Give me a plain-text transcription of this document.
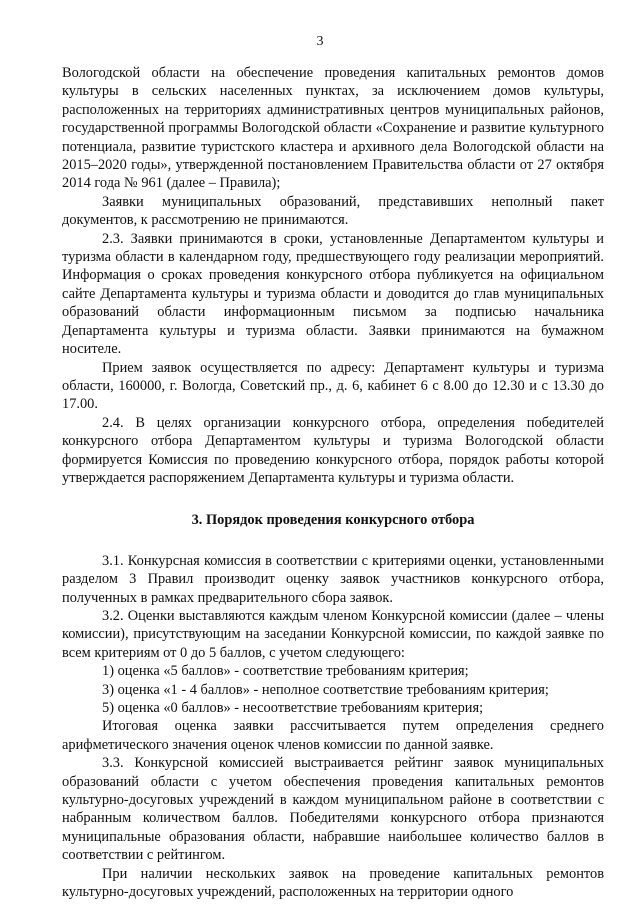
3

Вологодской области на обеспечение проведения капитальных ремонтов домов культуры в сельских населенных пунктах, за исключением домов культуры, расположенных на территориях административных центров муниципальных районов, государственной программы Вологодской области «Сохранение и развитие культурного потенциала, развитие туристского кластера и архивного дела Вологодской области на 2015–2020 годы», утвержденной постановлением Правительства области от 27 октября 2014 года № 961 (далее – Правила);

Заявки муниципальных образований, представивших неполный пакет документов, к рассмотрению не принимаются.

2.3. Заявки принимаются в сроки, установленные Департаментом культуры и туризма области в календарном году, предшествующего году реализации мероприятий. Информация о сроках проведения конкурсного отбора публикуется на официальном сайте Департамента культуры и туризма области и доводится до глав муниципальных образований области информационным письмом за подписью начальника Департамента культуры и туризма области. Заявки принимаются на бумажном носителе.

Прием заявок осуществляется по адресу: Департамент культуры и туризма области, 160000, г. Вологда, Советский пр., д. 6, кабинет 6 с 8.00 до 12.30 и с 13.30 до 17.00.

2.4. В целях организации конкурсного отбора, определения победителей конкурсного отбора Департаментом культуры и туризма Вологодской области формируется Комиссия по проведению конкурсного отбора, порядок работы которой утверждается распоряжением Департамента культуры и туризма области.

3. Порядок проведения конкурсного отбора

3.1. Конкурсная комиссия в соответствии с критериями оценки, установленными разделом 3 Правил производит оценку заявок участников конкурсного отбора, полученных в рамках предварительного сбора заявок.

3.2. Оценки выставляются каждым членом Конкурсной комиссии (далее – члены комиссии), присутствующим на заседании Конкурсной комиссии, по каждой заявке по всем критериям от 0 до 5 баллов, с учетом следующего:

1) оценка «5 баллов» - соответствие требованиям критерия;

3) оценка «1 - 4 баллов» - неполное соответствие требованиям критерия;

5) оценка «0 баллов» - несоответствие требованиям критерия;

Итоговая оценка заявки рассчитывается путем определения среднего арифметического значения оценок членов комиссии по данной заявке.

3.3. Конкурсной комиссией выстраивается рейтинг заявок муниципальных образований области с учетом обеспечения проведения капитальных ремонтов культурно-досуговых учреждений в каждом муниципальном районе в соответствии с набранным количеством баллов. Победителями конкурсного отбора признаются муниципальные образования области, набравшие наибольшее количество баллов в соответствии с рейтингом.

При наличии нескольких заявок на проведение капитальных ремонтов культурно-досуговых учреждений, расположенных на территории одного
